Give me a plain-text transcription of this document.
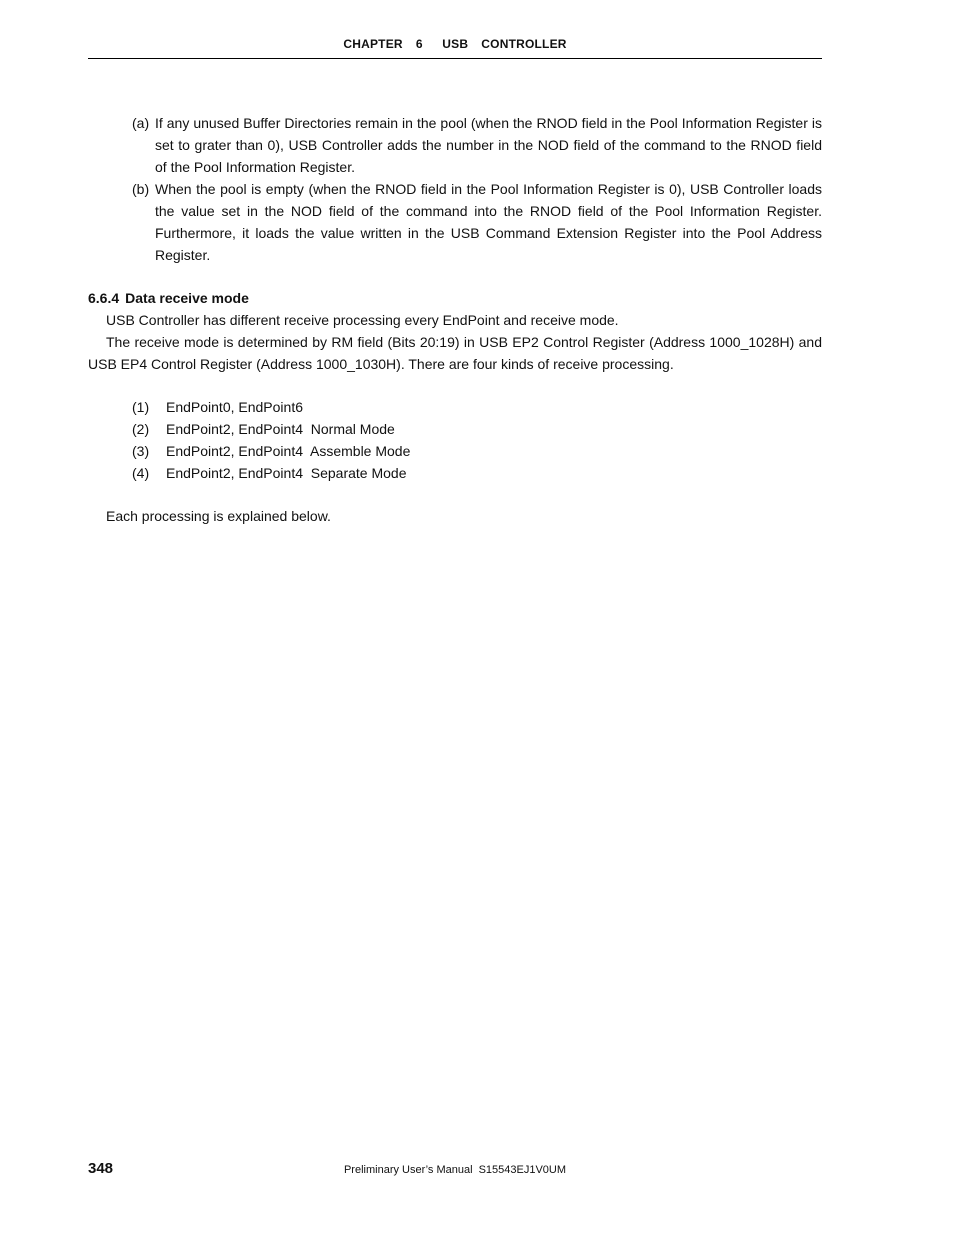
CHAPTER  6   USB  CONTROLLER
(a) If any unused Buffer Directories remain in the pool (when the RNOD field in the Pool Information Register is set to grater than 0), USB Controller adds the number in the NOD field of the command to the RNOD field of the Pool Information Register.
(b) When the pool is empty (when the RNOD field in the Pool Information Register is 0), USB Controller loads the value set in the NOD field of the command into the RNOD field of the Pool Information Register. Furthermore, it loads the value written in the USB Command Extension Register into the Pool Address Register.
6.6.4 Data receive mode

USB Controller has different receive processing every EndPoint and receive mode.

The receive mode is determined by RM field (Bits 20:19) in USB EP2 Control Register (Address 1000_1028H) and USB EP4 Control Register (Address 1000_1030H). There are four kinds of receive processing.

(1)	EndPoint0, EndPoint6
(2)	EndPoint2, EndPoint4  Normal Mode
(3)	EndPoint2, EndPoint4  Assemble Mode
(4)	EndPoint2, EndPoint4  Separate Mode
Each processing is explained below.
348	Preliminary User’s Manual S15543EJ1V0UM
